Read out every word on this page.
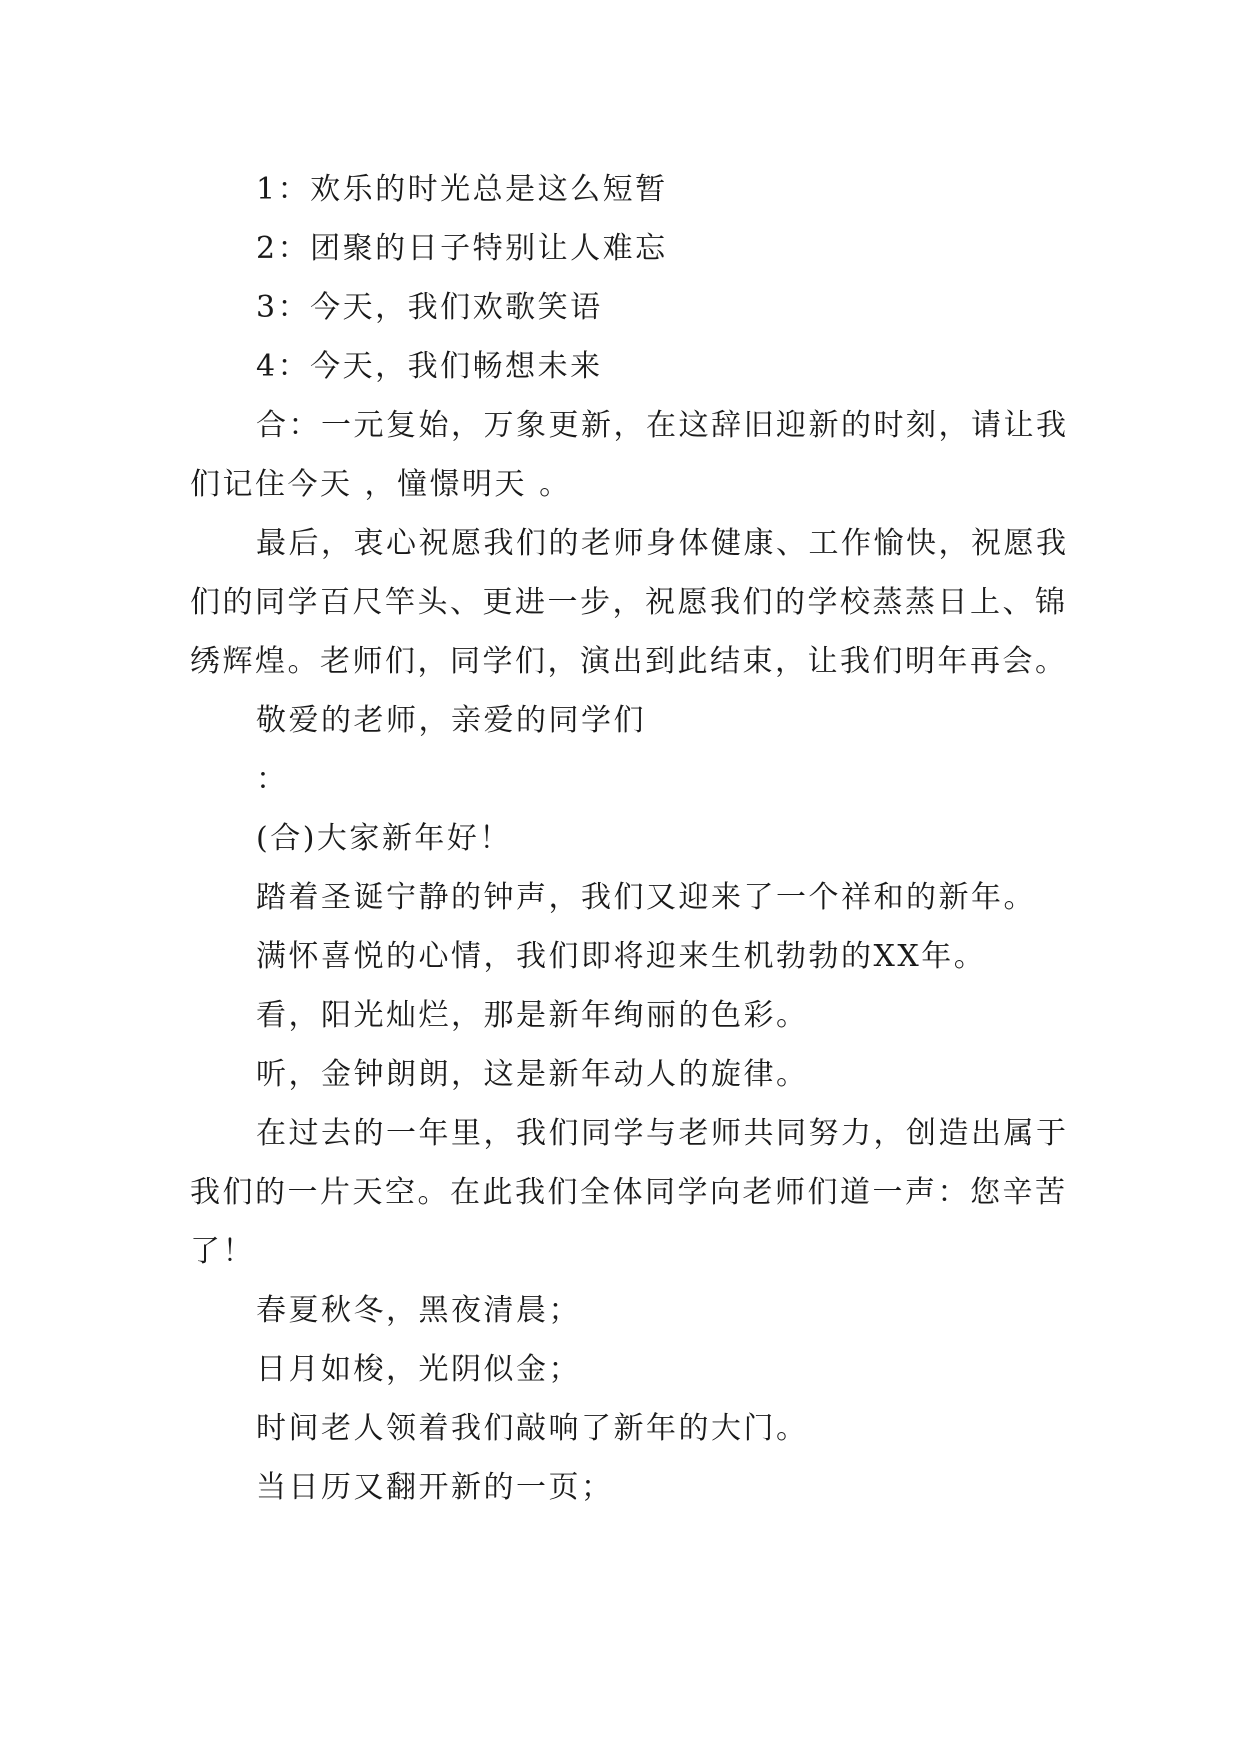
1：欢乐的时光总是这么短暂

2：团聚的日子特别让人难忘

3：今天，我们欢歌笑语

4：今天，我们畅想未来

合：一元复始，万象更新，在这辞旧迎新的时刻，请让我们记住今天 ，憧憬明天 。

最后，衷心祝愿我们的老师身体健康、工作愉快，祝愿我们的同学百尺竿头、更进一步，祝愿我们的学校蒸蒸日上、锦绣辉煌。老师们，同学们，演出到此结束，让我们明年再会。

敬爱的老师，亲爱的同学们

：

(合)大家新年好！

踏着圣诞宁静的钟声，我们又迎来了一个祥和的新年。

满怀喜悦的心情，我们即将迎来生机勃勃的XX年。

看，阳光灿烂，那是新年绚丽的色彩。

听，金钟朗朗，这是新年动人的旋律。

在过去的一年里，我们同学与老师共同努力，创造出属于我们的一片天空。在此我们全体同学向老师们道一声：您辛苦了！

春夏秋冬，黑夜清晨；

日月如梭，光阴似金；

时间老人领着我们敲响了新年的大门。

当日历又翻开新的一页；
